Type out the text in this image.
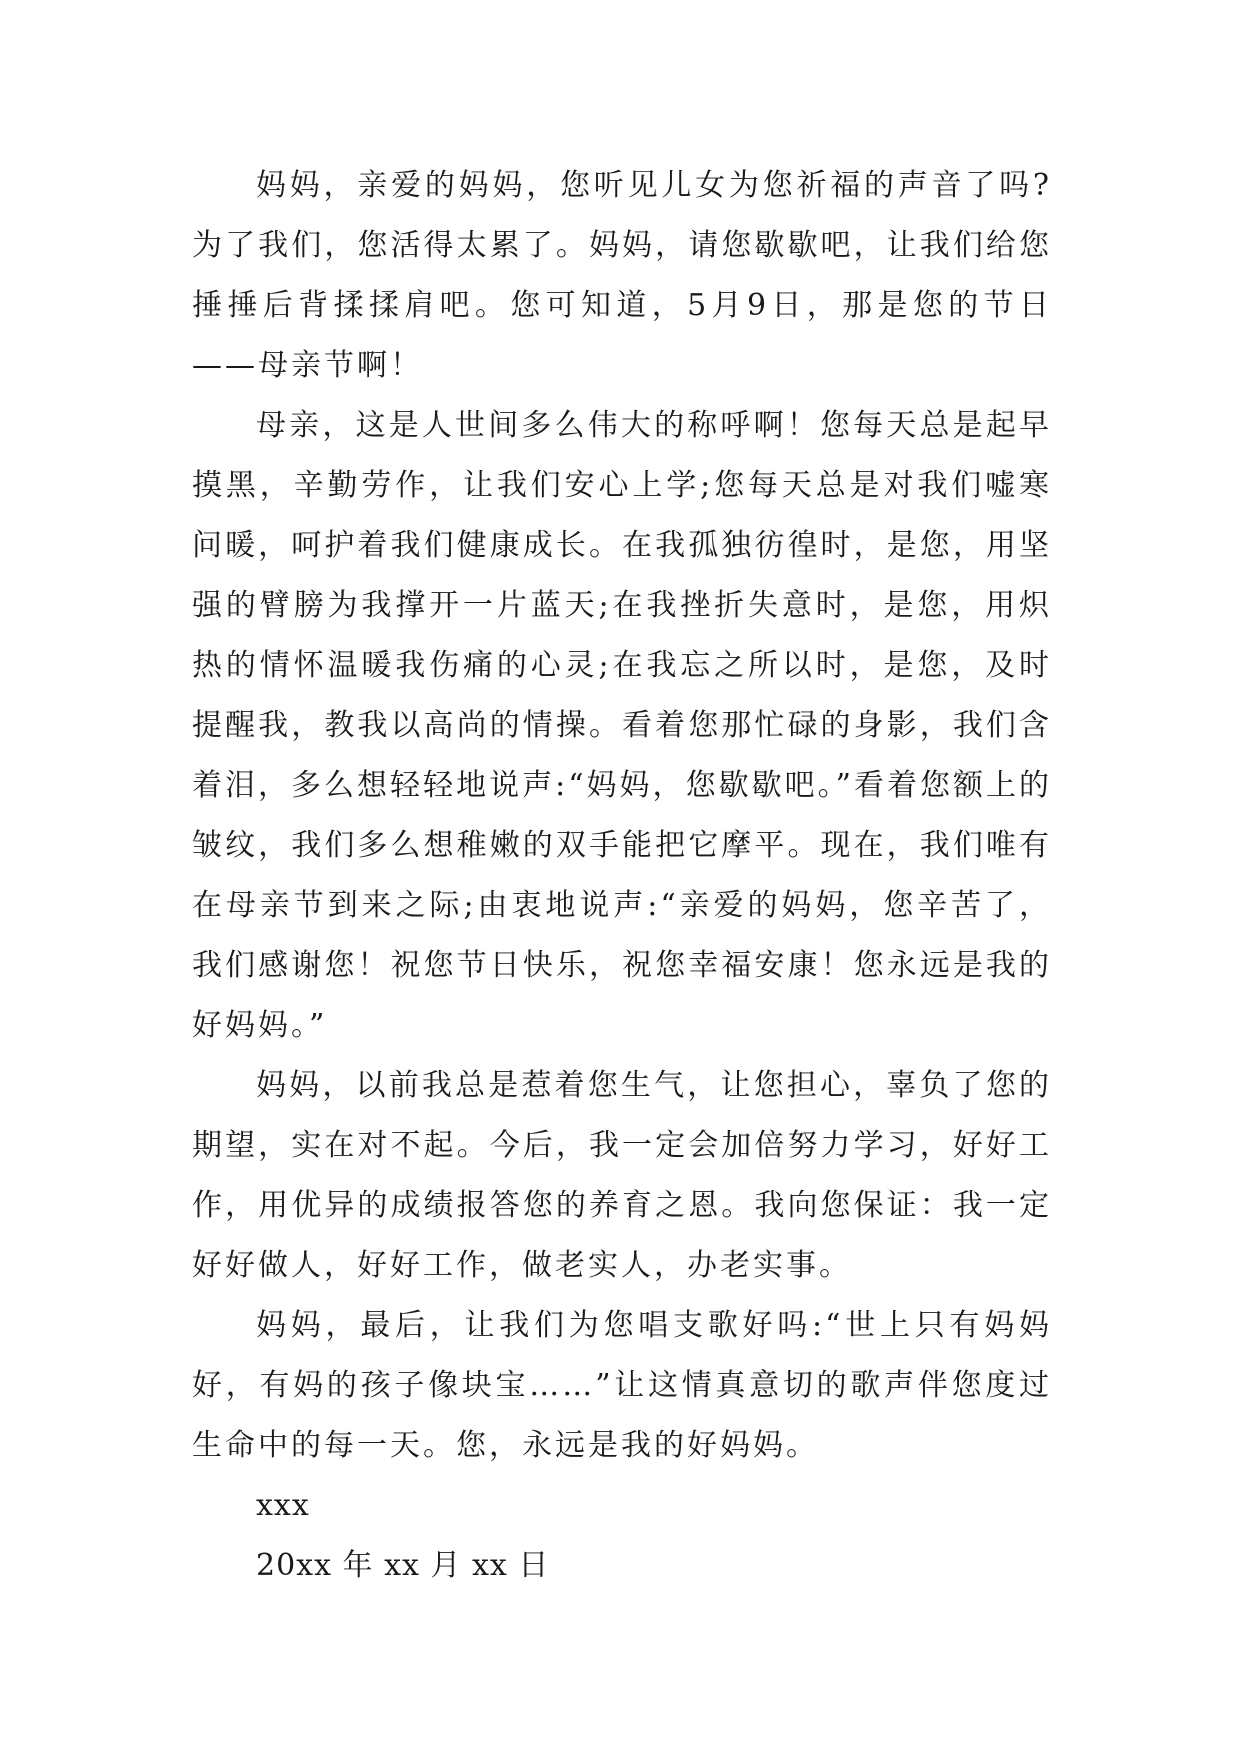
妈妈，亲爱的妈妈，您听见儿女为您祈福的声音了吗?为了我们，您活得太累了。妈妈，请您歇歇吧，让我们给您捶捶后背揉揉肩吧。您可知道，5月9日，那是您的节日——母亲节啊！

母亲，这是人世间多么伟大的称呼啊！您每天总是起早摸黑，辛勤劳作，让我们安心上学;您每天总是对我们嘘寒问暖，呵护着我们健康成长。在我孤独彷徨时，是您，用坚强的臂膀为我撑开一片蓝天;在我挫折失意时，是您，用炽热的情怀温暖我伤痛的心灵;在我忘之所以时，是您，及时提醒我，教我以高尚的情操。看着您那忙碌的身影，我们含着泪，多么想轻轻地说声:“妈妈，您歇歇吧。”看着您额上的皱纹，我们多么想稚嫩的双手能把它摩平。现在，我们唯有在母亲节到来之际;由衷地说声:“亲爱的妈妈，您辛苦了，我们感谢您！祝您节日快乐，祝您幸福安康！您永远是我的好妈妈。”

妈妈，以前我总是惹着您生气，让您担心，辜负了您的期望，实在对不起。今后，我一定会加倍努力学习，好好工作，用优异的成绩报答您的养育之恩。我向您保证：我一定好好做人，好好工作，做老实人，办老实事。

妈妈，最后，让我们为您唱支歌好吗:“世上只有妈妈好，有妈的孩子像块宝……”让这情真意切的歌声伴您度过生命中的每一天。您，永远是我的好妈妈。

xxx

20xx 年 xx 月 xx 日
